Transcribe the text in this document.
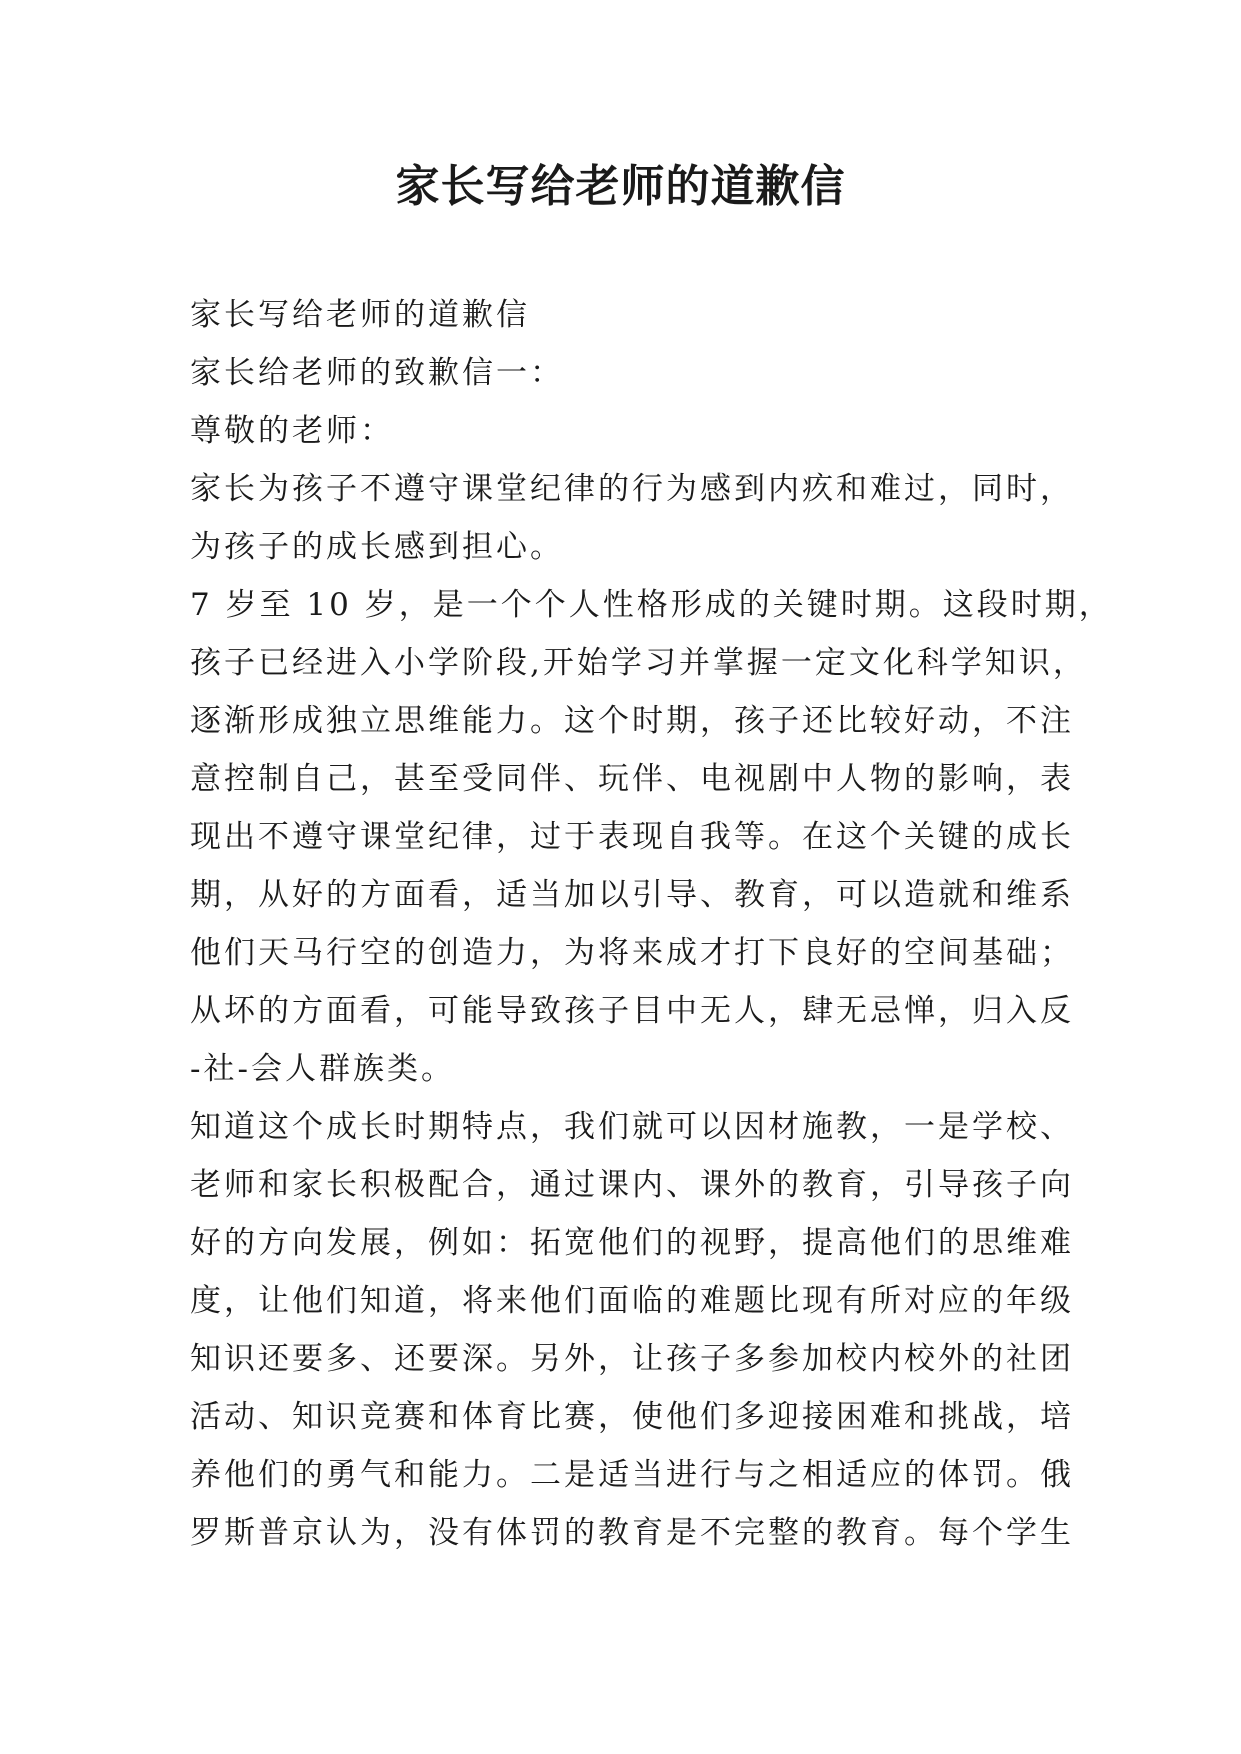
家长写给老师的道歉信
家长写给老师的道歉信
家长给老师的致歉信一：
尊敬的老师：
家长为孩子不遵守课堂纪律的行为感到内疚和难过，同时，
为孩子的成长感到担心。
7 岁至 10 岁，是一个个人性格形成的关键时期。这段时期，
孩子已经进入小学阶段,开始学习并掌握一定文化科学知识，
逐渐形成独立思维能力。这个时期，孩子还比较好动，不注
意控制自己，甚至受同伴、玩伴、电视剧中人物的影响，表
现出不遵守课堂纪律，过于表现自我等。在这个关键的成长
期，从好的方面看，适当加以引导、教育，可以造就和维系
他们天马行空的创造力，为将来成才打下良好的空间基础；
从坏的方面看，可能导致孩子目中无人，肆无忌惮，归入反
-社-会人群族类。
知道这个成长时期特点，我们就可以因材施教，一是学校、
老师和家长积极配合，通过课内、课外的教育，引导孩子向
好的方向发展，例如：拓宽他们的视野，提高他们的思维难
度，让他们知道，将来他们面临的难题比现有所对应的年级
知识还要多、还要深。另外，让孩子多参加校内校外的社团
活动、知识竞赛和体育比赛，使他们多迎接困难和挑战，培
养他们的勇气和能力。二是适当进行与之相适应的体罚。俄
罗斯普京认为，没有体罚的教育是不完整的教育。每个学生
